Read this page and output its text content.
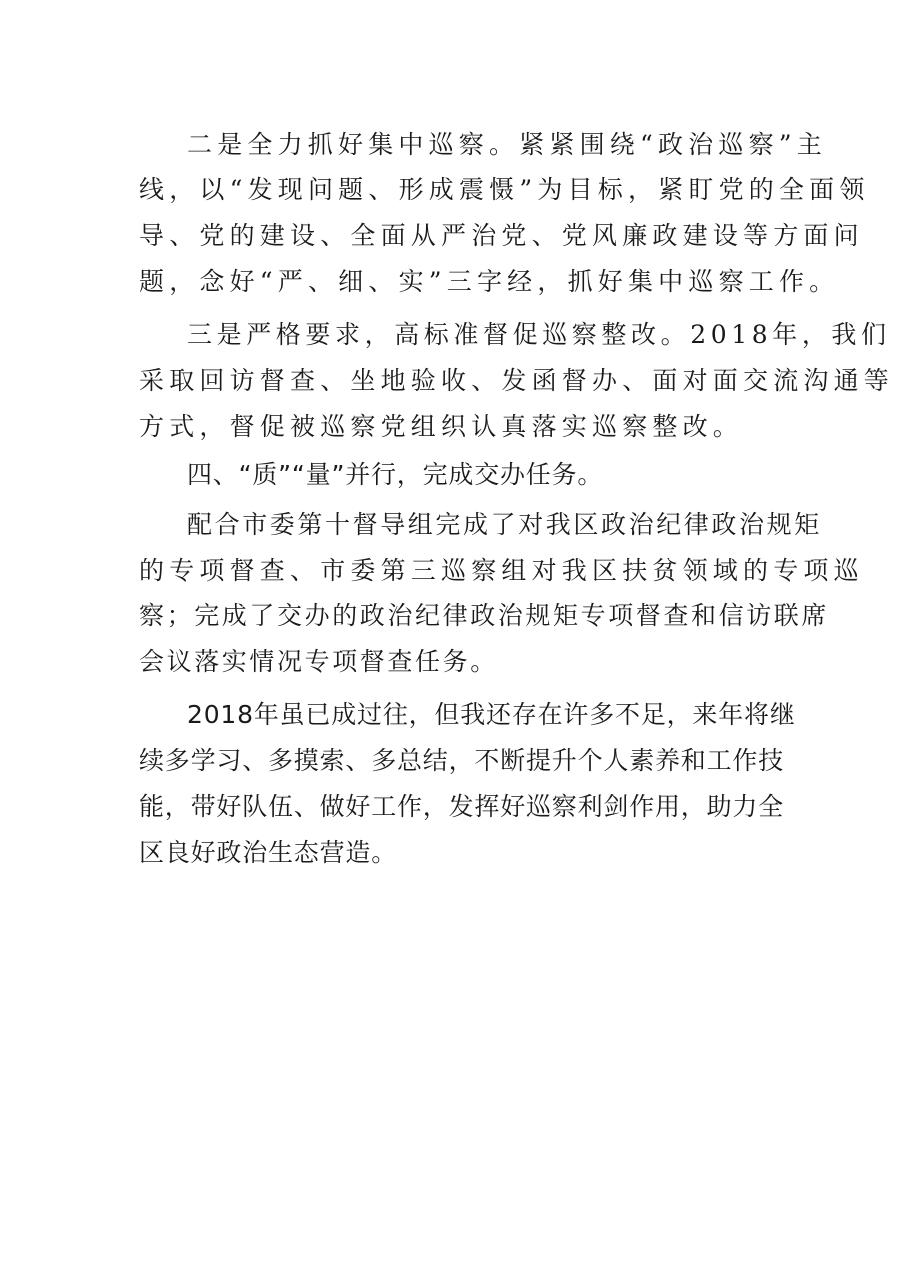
二是全力抓好集中巡察。紧紧围绕“政治巡察”主

线，以“发现问题、形成震慑”为目标，紧盯党的全面领

导、党的建设、全面从严治党、党风廉政建设等方面问

题，念好“严、细、实”三字经，抓好集中巡察工作。

三是严格要求，高标准督促巡察整改。2018年，我们

采取回访督查、坐地验收、发函督办、面对面交流沟通等

方式，督促被巡察党组织认真落实巡察整改。

四、“质”“量”并行，完成交办任务。

配合市委第十督导组完成了对我区政治纪律政治规矩

的专项督查、市委第三巡察组对我区扶贫领域的专项巡

察；完成了交办的政治纪律政治规矩专项督查和信访联席

会议落实情况专项督查任务。

2018年虽已成过往，但我还存在许多不足，来年将继

续多学习、多摸索、多总结，不断提升个人素养和工作技

能，带好队伍、做好工作，发挥好巡察利剑作用，助力全

区良好政治生态营造。
